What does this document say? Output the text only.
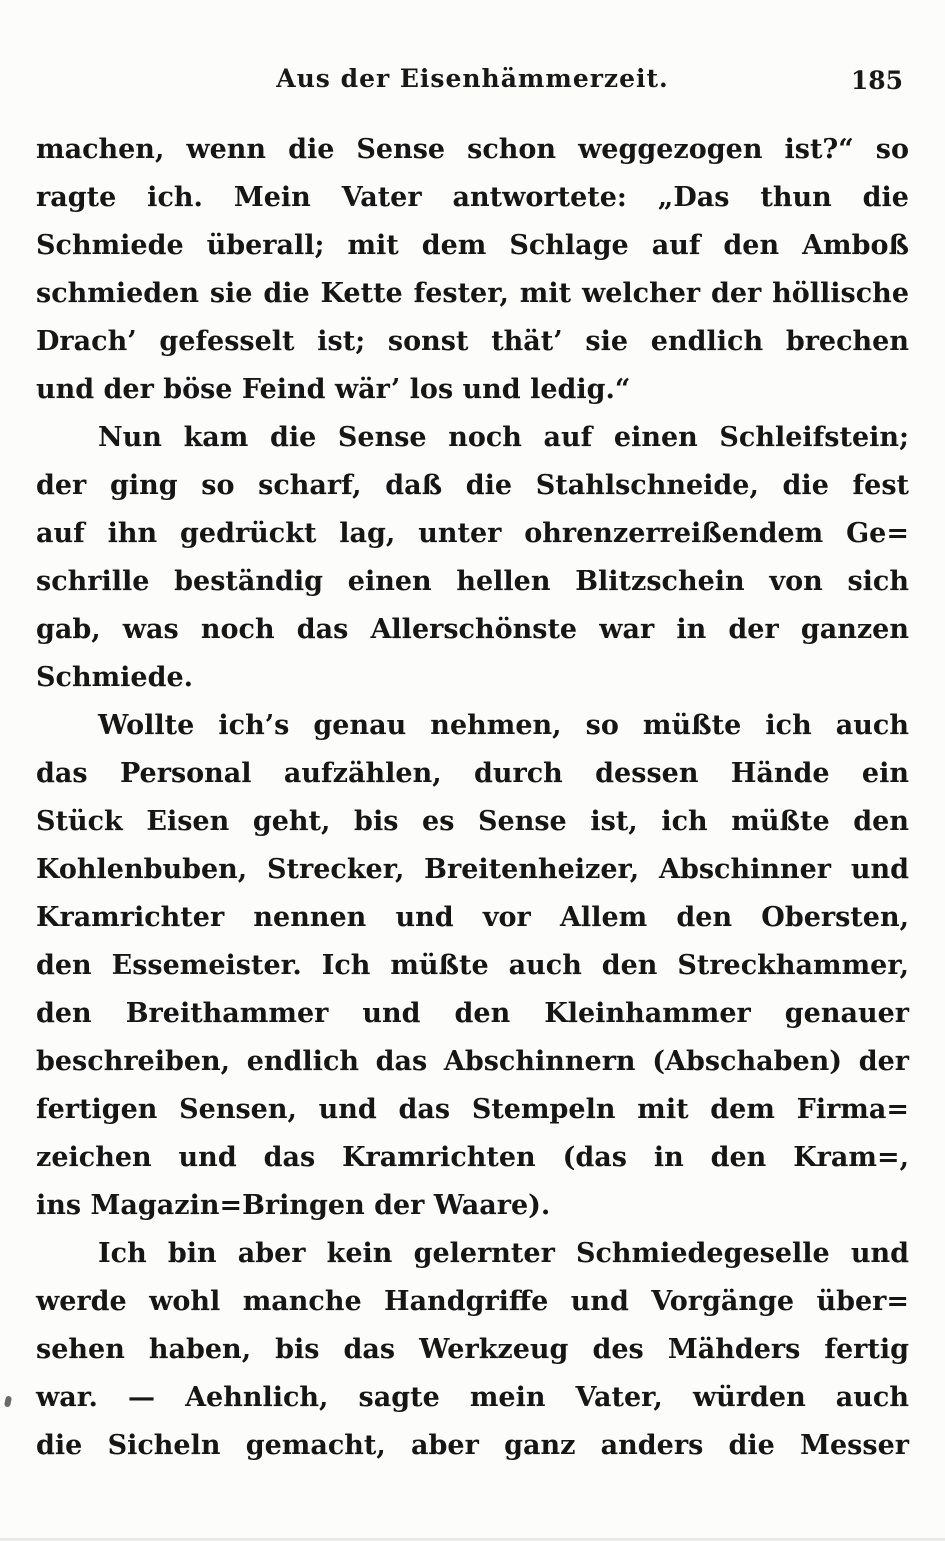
Aus der Eisenhämmerzeit.	185
machen, wenn die Sense schon weggezogen ist?“ so
ragte ich. Mein Vater antwortete: „Das thun die
Schmiede überall; mit dem Schlage auf den Amboß
schmieden sie die Kette fester, mit welcher der höllische
Drach’ gefesselt ist; sonst thät’ sie endlich brechen
und der böse Feind wär’ los und ledig.“
Nun kam die Sense noch auf einen Schleifstein;
der ging so scharf, daß die Stahlschneide, die fest
auf ihn gedrückt lag, unter ohrenzerreißendem Ge=
schrille beständig einen hellen Blitzschein von sich
gab, was noch das Allerschönste war in der ganzen
Schmiede.
Wollte ich’s genau nehmen, so müßte ich auch
das Personal aufzählen, durch dessen Hände ein
Stück Eisen geht, bis es Sense ist, ich müßte den
Kohlenbuben, Strecker, Breitenheizer, Abschinner und
Kramrichter nennen und vor Allem den Obersten,
den Essemeister. Ich müßte auch den Streckhammer,
den Breithammer und den Kleinhammer genauer
beschreiben, endlich das Abschinnern (Abschaben) der
fertigen Sensen, und das Stempeln mit dem Firma=
zeichen und das Kramrichten (das in den Kram=,
ins Magazin=Bringen der Waare).
Ich bin aber kein gelernter Schmiedegeselle und
werde wohl manche Handgriffe und Vorgänge über=
sehen haben, bis das Werkzeug des Mähders fertig
war. — Aehnlich, sagte mein Vater, würden auch
die Sicheln gemacht, aber ganz anders die Messer
